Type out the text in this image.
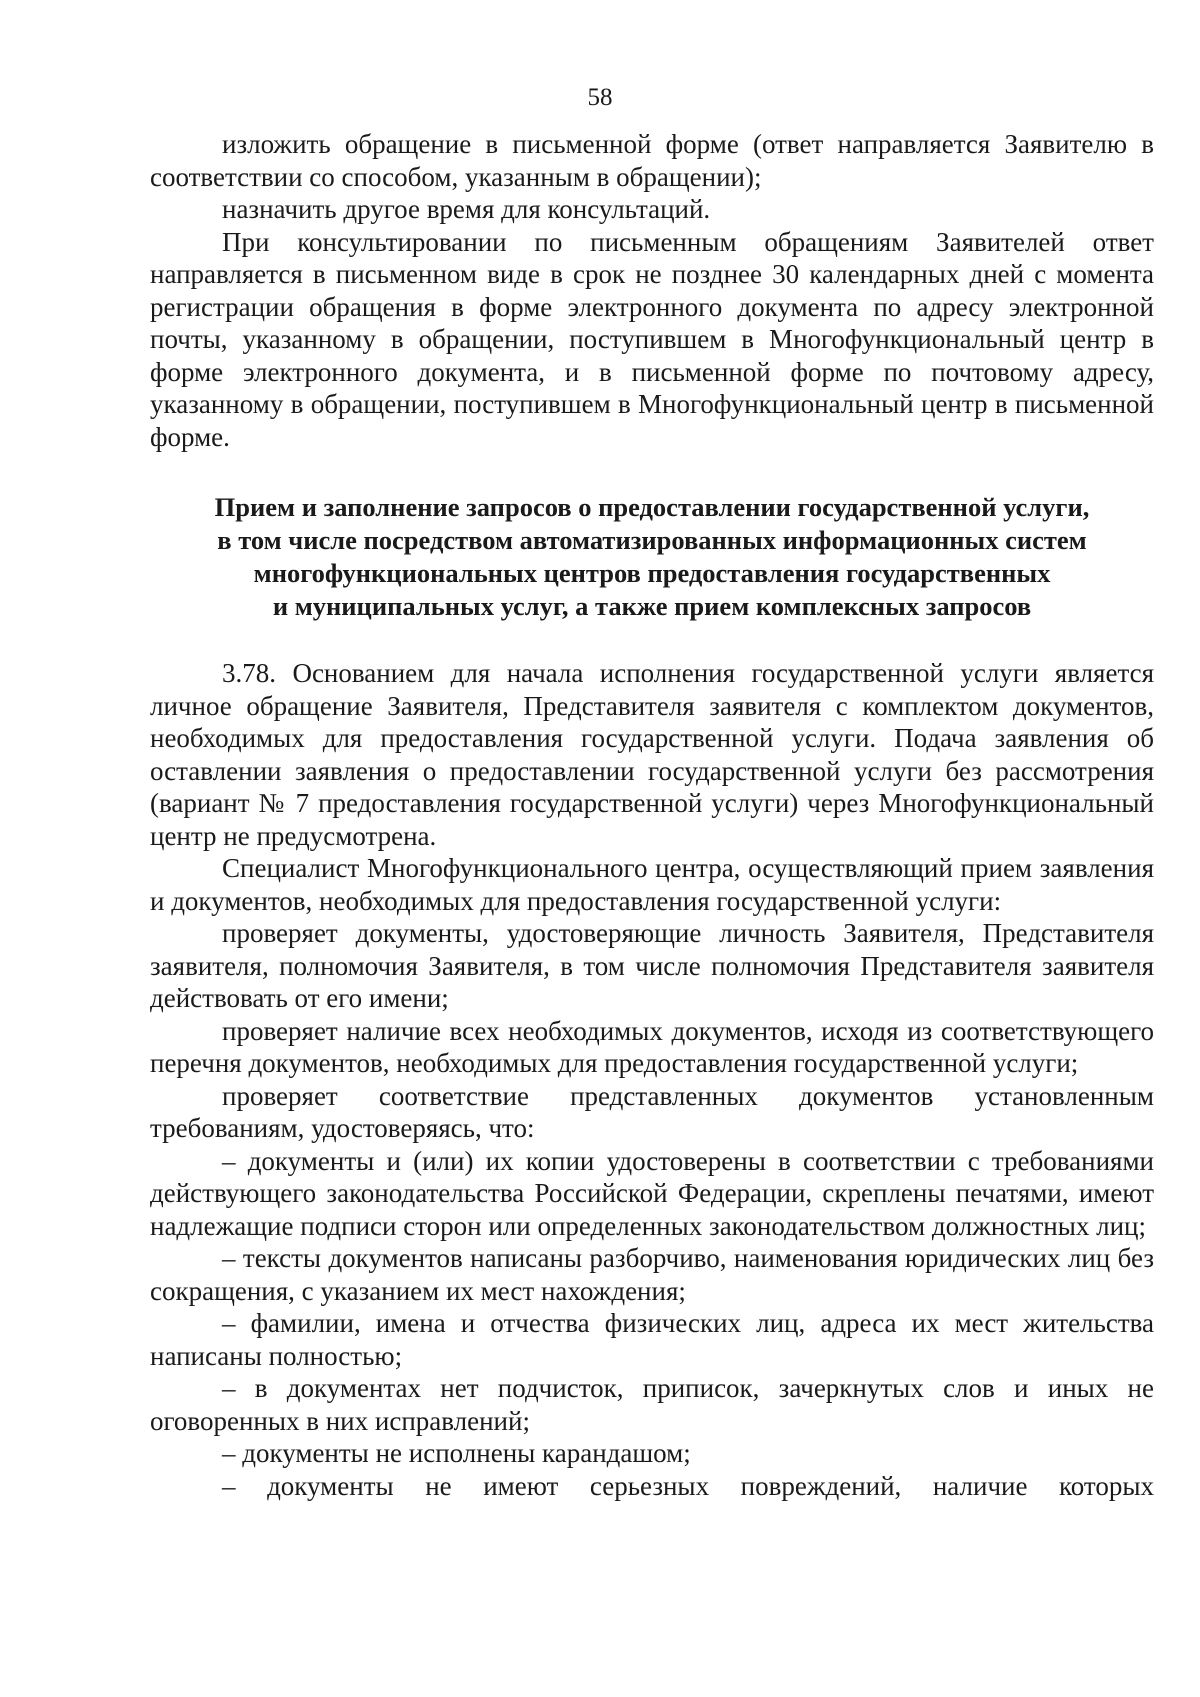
58

изложить обращение в письменной форме (ответ направляется Заявителю в соответствии со способом, указанным в обращении);

назначить другое время для консультаций.

При консультировании по письменным обращениям Заявителей ответ направляется в письменном виде в срок не позднее 30 календарных дней с момента регистрации обращения в форме электронного документа по адресу электронной почты, указанному в обращении, поступившем в Многофункциональный центр в форме электронного документа, и в письменной форме по почтовому адресу, указанному в обращении, поступившем в Многофункциональный центр в письменной форме.

Прием и заполнение запросов о предоставлении государственной услуги,
в том числе посредством автоматизированных информационных систем
многофункциональных центров предоставления государственных
и муниципальных услуг, а также прием комплексных запросов

3.78. Основанием для начала исполнения государственной услуги является личное обращение Заявителя, Представителя заявителя с комплектом документов, необходимых для предоставления государственной услуги. Подача заявления об оставлении заявления о предоставлении государственной услуги без рассмотрения (вариант № 7 предоставления государственной услуги) через Многофункциональный центр не предусмотрена.

Специалист Многофункционального центра, осуществляющий прием заявления и документов, необходимых для предоставления государственной услуги:

проверяет документы, удостоверяющие личность Заявителя, Представителя заявителя, полномочия Заявителя, в том числе полномочия Представителя заявителя действовать от его имени;

проверяет наличие всех необходимых документов, исходя из соответствующего перечня документов, необходимых для предоставления государственной услуги;

проверяет соответствие представленных документов установленным требованиям, удостоверяясь, что:

– документы и (или) их копии удостоверены в соответствии с требованиями действующего законодательства Российской Федерации, скреплены печатями, имеют надлежащие подписи сторон или определенных законодательством должностных лиц;

– тексты документов написаны разборчиво, наименования юридических лиц без сокращения, с указанием их мест нахождения;

– фамилии, имена и отчества физических лиц, адреса их мест жительства написаны полностью;

– в документах нет подчисток, приписок, зачеркнутых слов и иных не оговоренных в них исправлений;

– документы не исполнены карандашом;

– документы не имеют серьезных повреждений, наличие которых
